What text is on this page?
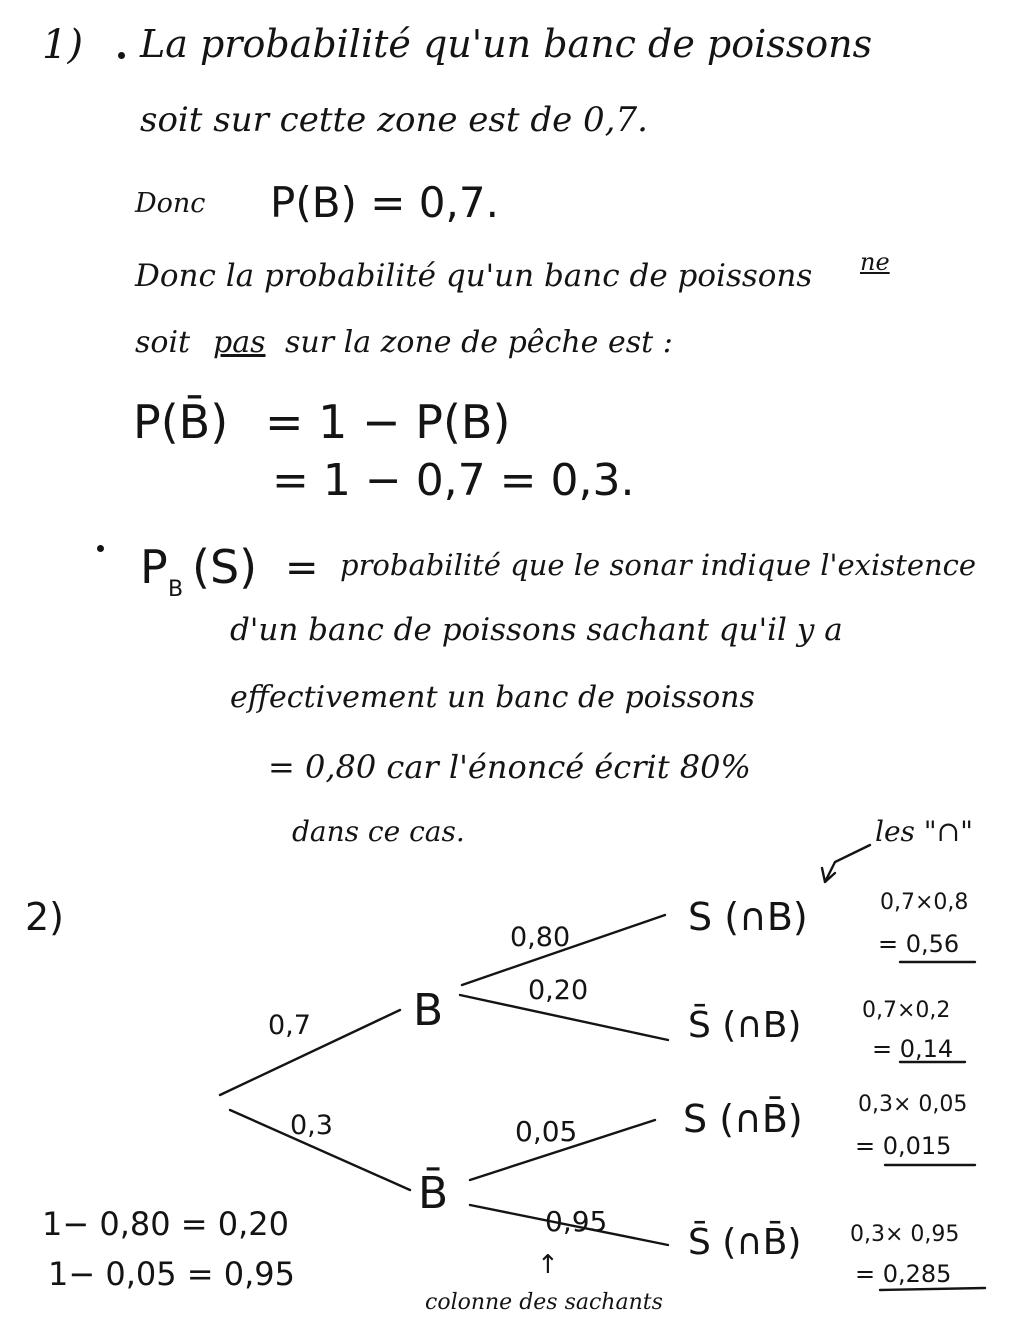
1) La probabilité qu'un banc de poissons
soit sur cette zone est de 0,7.
Donc P(B) = 0,7.
Donc la probabilité qu'un banc de poissons ne
soit pas sur la zone de pêche est :
P(B̄) = 1 − P(B)
= 1 − 0,7 = 0,3.
P B (S) = probabilité que le sonar indique l'existence
d'un banc de poissons sachant qu'il y a
effectivement un banc de poissons
= 0,80 car l'énoncé écrit 80%
dans ce cas.
2)
les "∩"
0,7
0,3
B
B̄
0,80
0,20
0,05
0,95
S (∩B)	0,7×0,8
= 0,56
S̄ (∩B)	0,7×0,2
= 0,14
S (∩B̄)	0,3× 0,05
= 0,015
S̄ (∩B̄) 0,3× 0,95
= 0,285
1− 0,80 = 0,20
1− 0,05 = 0,95	↑
colonne des sachants
